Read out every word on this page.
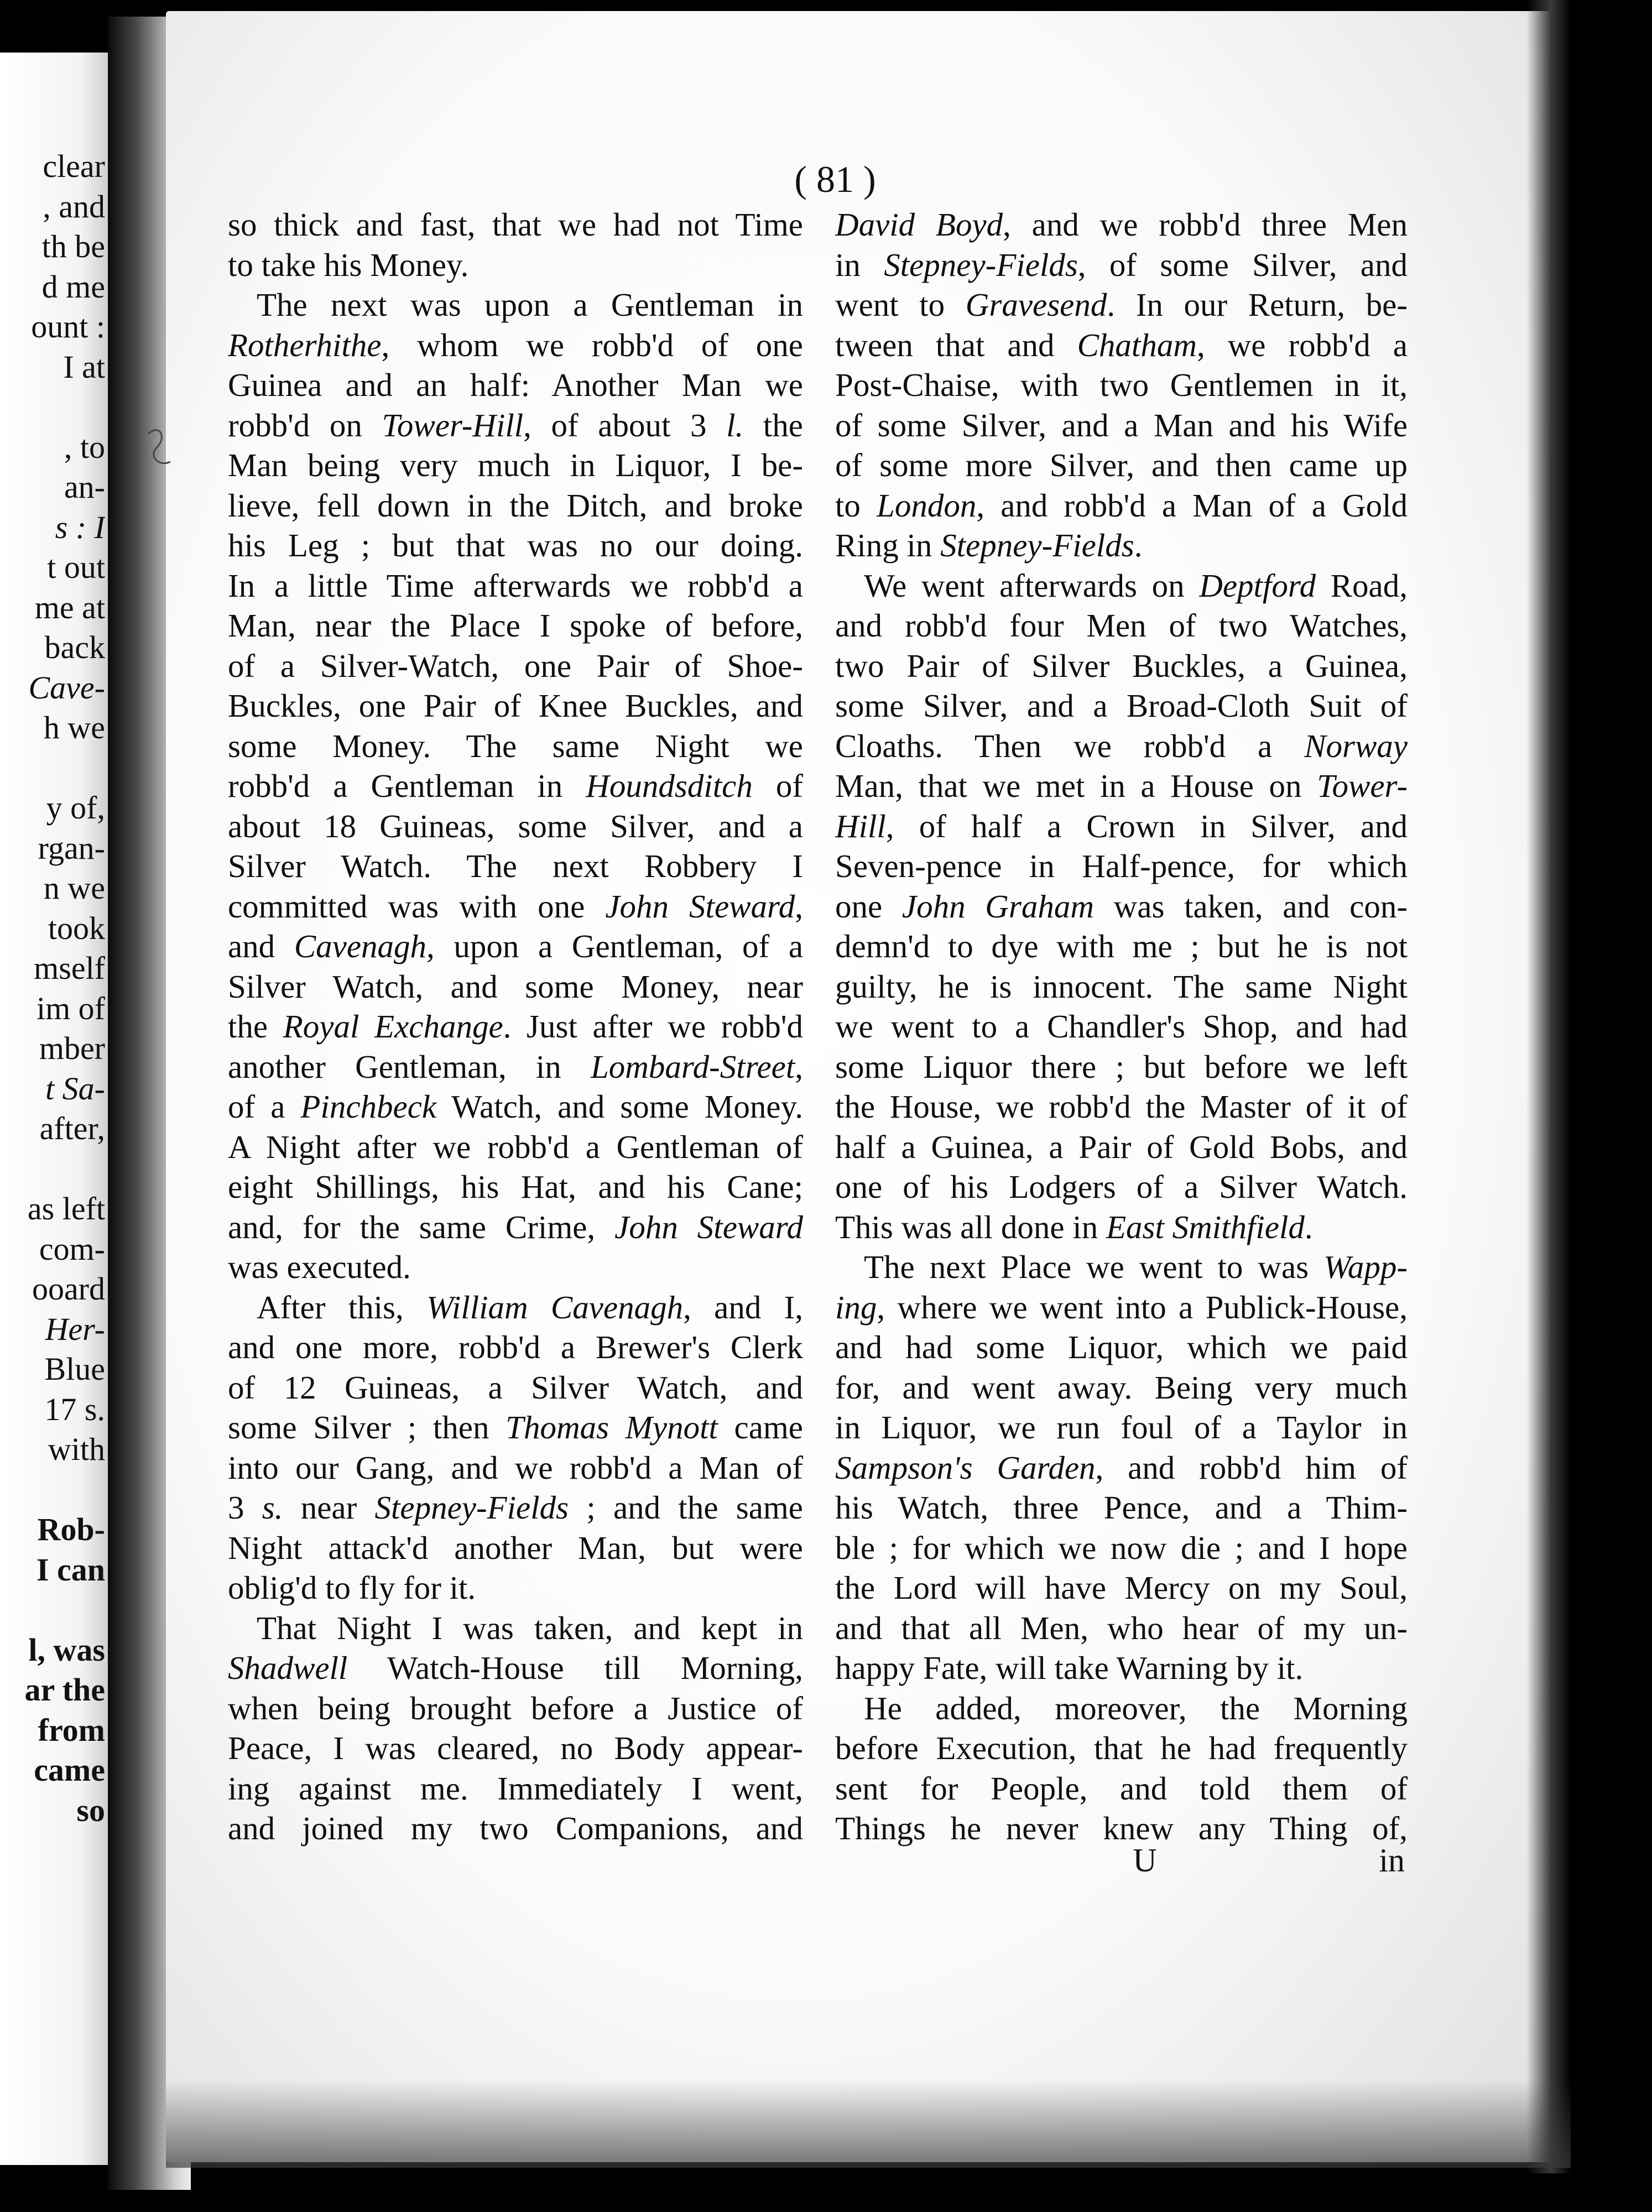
clear
, and
th be
d me
ount :
I at
, to
an-
s : I
t out
me at
back
Cave-
h we
y of,
rgan-
n we
took
mself
im of
mber
t Sa-
after,
as left
com-
ooard
Her-
Blue
17 s.
with
Rob-
I can
l, was
ar the
from
came
so
( 81 )
so thick and fast, that we had not Time
to take his Money.
The next was upon a Gentleman in
Rotherhithe, whom we robb'd of one
Guinea and an half: Another Man we
robb'd on Tower-Hill, of about 3 l. the
Man being very much in Liquor, I be-
lieve, fell down in the Ditch, and broke
his Leg ; but that was no our doing.
In a little Time afterwards we robb'd a
Man, near the Place I spoke of before,
of a Silver-Watch, one Pair of Shoe-
Buckles, one Pair of Knee Buckles, and
some Money. The same Night we
robb'd a Gentleman in Houndsditch of
about 18 Guineas, some Silver, and a
Silver Watch. The next Robbery I
committed was with one John Steward,
and Cavenagh, upon a Gentleman, of a
Silver Watch, and some Money, near
the Royal Exchange. Just after we robb'd
another Gentleman, in Lombard-Street,
of a Pinchbeck Watch, and some Money.
A Night after we robb'd a Gentleman of
eight Shillings, his Hat, and his Cane;
and, for the same Crime, John Steward
was executed.
After this, William Cavenagh, and I,
and one more, robb'd a Brewer's Clerk
of 12 Guineas, a Silver Watch, and
some Silver ; then Thomas Mynott came
into our Gang, and we robb'd a Man of
3 s. near Stepney-Fields ; and the same
Night attack'd another Man, but were
oblig'd to fly for it.
That Night I was taken, and kept in
Shadwell Watch-House till Morning,
when being brought before a Justice of
Peace, I was cleared, no Body appear-
ing against me. Immediately I went,
and joined my two Companions, and
David Boyd, and we robb'd three Men
in Stepney-Fields, of some Silver, and
went to Gravesend. In our Return, be-
tween that and Chatham, we robb'd a
Post-Chaise, with two Gentlemen in it,
of some Silver, and a Man and his Wife
of some more Silver, and then came up
to London, and robb'd a Man of a Gold
Ring in Stepney-Fields.
We went afterwards on Deptford Road,
and robb'd four Men of two Watches,
two Pair of Silver Buckles, a Guinea,
some Silver, and a Broad-Cloth Suit of
Cloaths. Then we robb'd a Norway
Man, that we met in a House on Tower-
Hill, of half a Crown in Silver, and
Seven-pence in Half-pence, for which
one John Graham was taken, and con-
demn'd to dye with me ; but he is not
guilty, he is innocent. The same Night
we went to a Chandler's Shop, and had
some Liquor there ; but before we left
the House, we robb'd the Master of it of
half a Guinea, a Pair of Gold Bobs, and
one of his Lodgers of a Silver Watch.
This was all done in East Smithfield.
The next Place we went to was Wapp-
ing, where we went into a Publick-House,
and had some Liquor, which we paid
for, and went away. Being very much
in Liquor, we run foul of a Taylor in
Sampson's Garden, and robb'd him of
his Watch, three Pence, and a Thim-
ble ; for which we now die ; and I hope
the Lord will have Mercy on my Soul,
and that all Men, who hear of my un-
happy Fate, will take Warning by it.
He added, moreover, the Morning
before Execution, that he had frequently
sent for People, and told them of
Things he never knew any Thing of,
U	in
